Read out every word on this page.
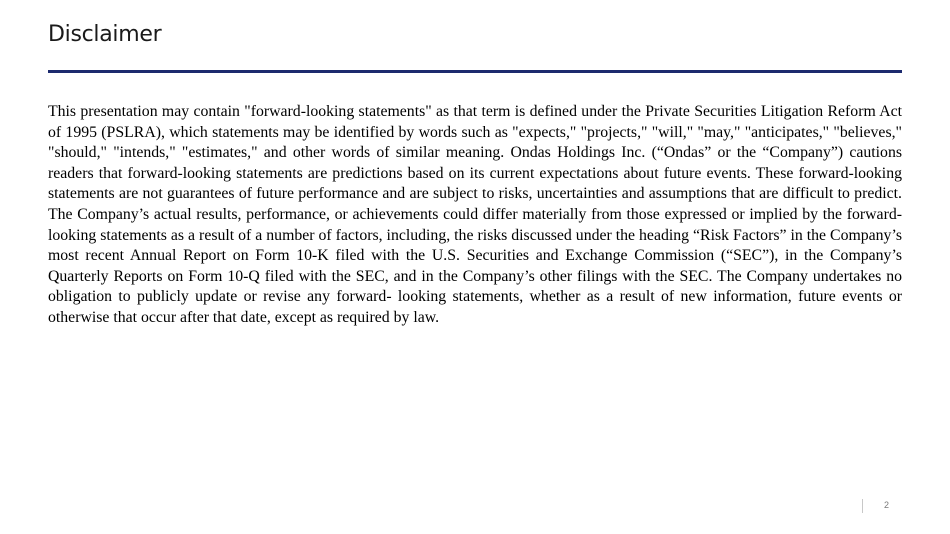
Disclaimer

This presentation may contain "forward-looking statements" as that term is defined under the Private Securities Litigation Reform Act of 1995 (PSLRA), which statements may be identified by words such as "expects," "projects," "will," "may," "anticipates," "believes," "should," "intends," "estimates," and other words of similar meaning. Ondas Holdings Inc. (“Ondas” or the “Company”) cautions readers that forward-looking statements are predictions based on its current expectations about future events. These forward-looking statements are not guarantees of future performance and are subject to risks, uncertainties and assumptions that are difficult to predict. The Company’s actual results, performance, or achievements could differ materially from those expressed or implied by the forward-looking statements as a result of a number of factors, including, the risks discussed under the heading “Risk Factors” in the Company’s most recent Annual Report on Form 10-K filed with the U.S. Securities and Exchange Commission (“SEC”), in the Company’s Quarterly Reports on Form 10-Q filed with the SEC, and in the Company’s other filings with the SEC. The Company undertakes no obligation to publicly update or revise any forward- looking statements, whether as a result of new information, future events or otherwise that occur after that date, except as required by law.

2
